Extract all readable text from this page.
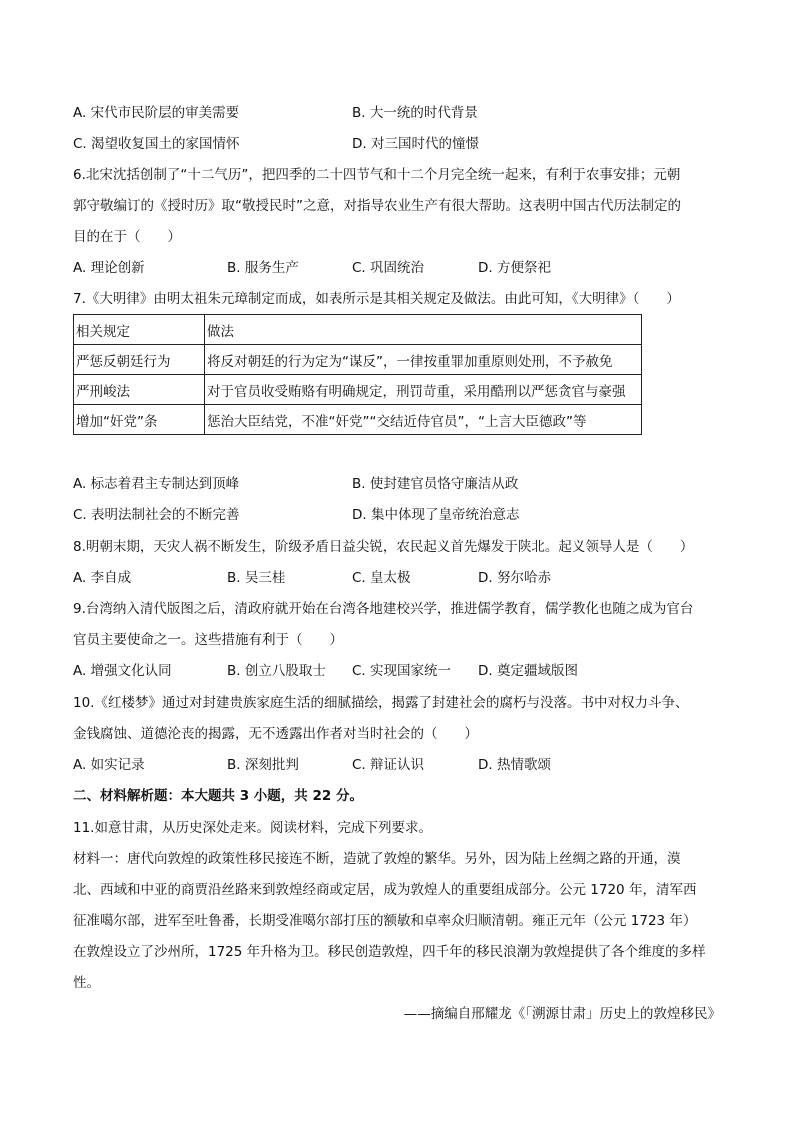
A. 宋代市民阶层的审美需要	B. 大一统的时代背景
C. 渴望收复国土的家国情怀	D. 对三国时代的憧憬
6.北宋沈括创制了“十二气历”，把四季的二十四节气和十二个月完全统一起来，有利于农事安排；元朝
郭守敬编订的《授时历》取“敬授民时”之意，对指导农业生产有很大帮助。这表明中国古代历法制定的
目的在于（　　）
A. 理论创新	B. 服务生产	C. 巩固统治	D. 方便祭祀
7.《大明律》由明太祖朱元璋制定而成，如表所示是其相关规定及做法。由此可知，《大明律》（　　）
相关规定	做法
严惩反朝廷行为	将反对朝廷的行为定为“谋反”，一律按重罪加重原则处刑，不予赦免
严刑峻法	对于官员收受贿赂有明确规定，刑罚苛重，采用酷刑以严惩贪官与豪强
增加“奸党”条	惩治大臣结党，不准“奸党”“交结近侍官员”，“上言大臣德政”等
A. 标志着君主专制达到顶峰	B. 使封建官员恪守廉洁从政
C. 表明法制社会的不断完善	D. 集中体现了皇帝统治意志
8.明朝末期，天灾人祸不断发生，阶级矛盾日益尖锐，农民起义首先爆发于陕北。起义领导人是（　　）
A. 李自成	B. 吴三桂	C. 皇太极	D. 努尔哈赤
9.台湾纳入清代版图之后，清政府就开始在台湾各地建校兴学，推进儒学教育，儒学教化也随之成为官台
官员主要使命之一。这些措施有利于（　　）
A. 增强文化认同	B. 创立八股取士 C. 实现国家统一 D. 奠定疆域版图
10.《红楼梦》通过对封建贵族家庭生活的细腻描绘，揭露了封建社会的腐朽与没落。书中对权力斗争、
金钱腐蚀、道德沦丧的揭露，无不透露出作者对当时社会的（　　）
A. 如实记录	B. 深刻批判	C. 辩证认识	D. 热情歌颂
二、材料解析题：本大题共 3 小题，共 22 分。
11.如意甘肃，从历史深处走来。阅读材料，完成下列要求。
材料一：唐代向敦煌的政策性移民接连不断，造就了敦煌的繁华。另外，因为陆上丝绸之路的开通，漠
北、西域和中亚的商贾沿丝路来到敦煌经商或定居，成为敦煌人的重要组成部分。公元 1720 年，清军西
征准噶尔部，进军至吐鲁番，长期受准噶尔部打压的额敏和卓率众归顺清朝。雍正元年（公元 1723 年）
在敦煌设立了沙州所，1725 年升格为卫。移民创造敦煌，四千年的移民浪潮为敦煌提供了各个维度的多样
性。
——摘编自邢耀龙《「溯源甘肃」历史上的敦煌移民》
